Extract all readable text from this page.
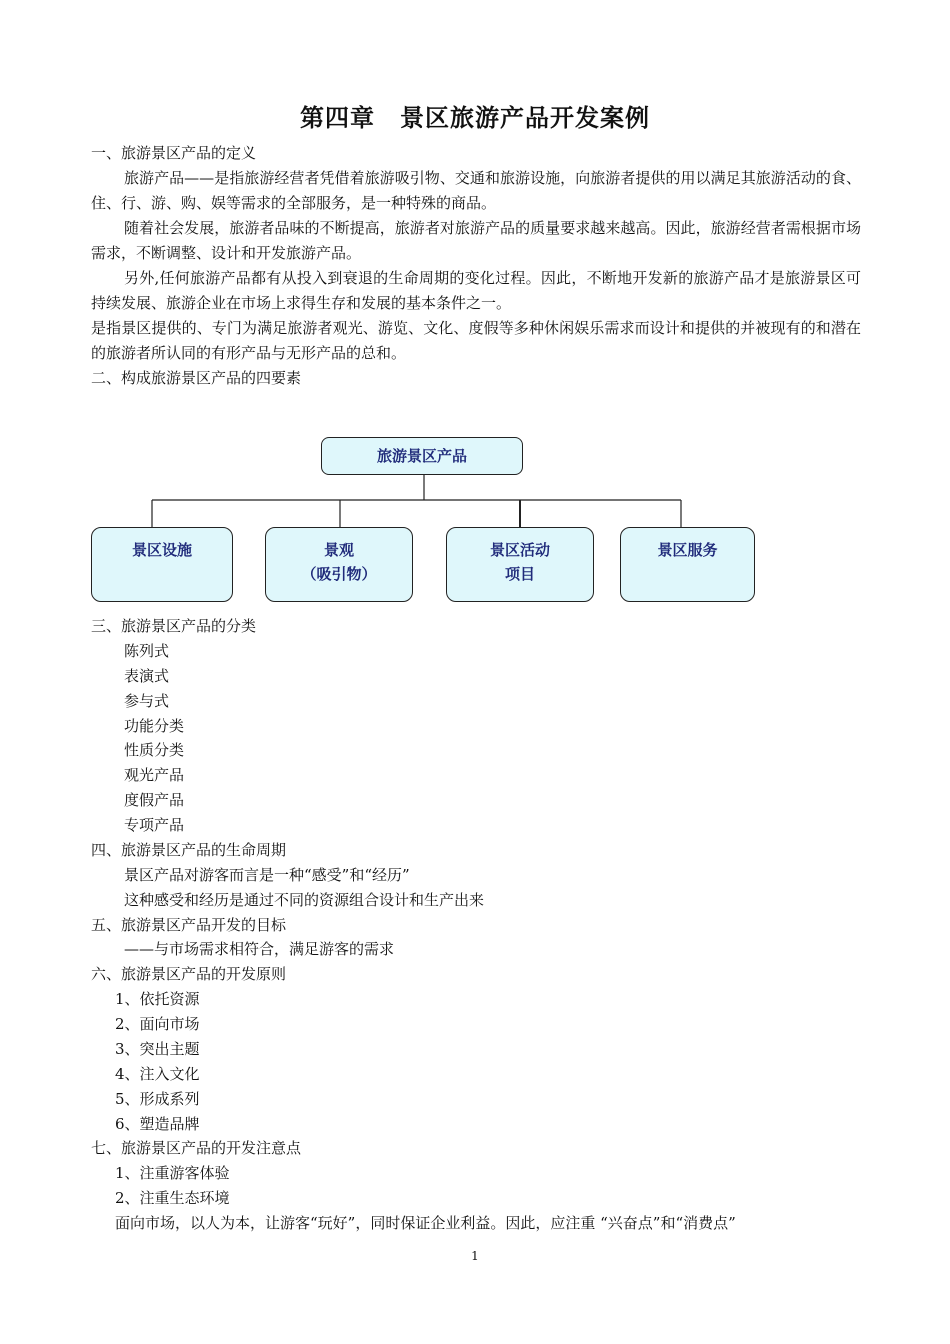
第四章　景区旅游产品开发案例
一、旅游景区产品的定义
旅游产品——是指旅游经营者凭借着旅游吸引物、交通和旅游设施，向旅游者提供的用以满足其旅游活动的食、住、行、游、购、娱等需求的全部服务，是一种特殊的商品。
随着社会发展，旅游者品味的不断提高，旅游者对旅游产品的质量要求越来越高。因此，旅游经营者需根据市场需求，不断调整、设计和开发旅游产品。
另外,任何旅游产品都有从投入到衰退的生命周期的变化过程。因此，不断地开发新的旅游产品才是旅游景区可持续发展、旅游企业在市场上求得生存和发展的基本条件之一。
是指景区提供的、专门为满足旅游者观光、游览、文化、度假等多种休闲娱乐需求而设计和提供的并被现有的和潜在的旅游者所认同的有形产品与无形产品的总和。
二、构成旅游景区产品的四要素
旅游景区产品
景区设施	景观
（吸引物）
景区活动
项目
景区服务
三、旅游景区产品的分类
陈列式
表演式
参与式
功能分类
性质分类
观光产品
度假产品
专项产品
四、旅游景区产品的生命周期
景区产品对游客而言是一种“感受”和“经历”
这种感受和经历是通过不同的资源组合设计和生产出来
五、旅游景区产品开发的目标
——与市场需求相符合，满足游客的需求
六、旅游景区产品的开发原则
1、依托资源
2、面向市场
3、突出主题
4、注入文化
5、形成系列
6、塑造品牌
七、旅游景区产品的开发注意点
1、注重游客体验
2、注重生态环境
面向市场，以人为本，让游客“玩好”，同时保证企业利益。因此，应注重 “兴奋点”和“消费点”
1
